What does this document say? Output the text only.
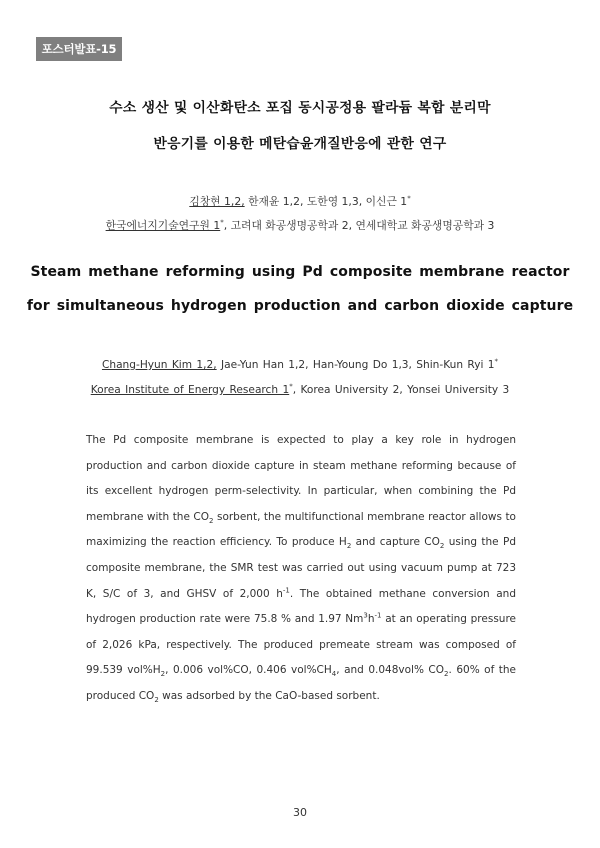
포스터발표-15
수소 생산 및 이산화탄소 포집 동시공정용 팔라듐 복합 분리막
반응기를 이용한 메탄습윤개질반응에 관한 연구
김창현 1,2, 한재윤 1,2, 도한영 1,3, 이신근 1*
한국에너지기술연구원 1*, 고려대 화공생명공학과 2, 연세대학교 화공생명공학과 3
Steam methane reforming using Pd composite membrane reactor
for simultaneous hydrogen production and carbon dioxide capture
Chang-Hyun Kim 1,2, Jae-Yun Han 1,2, Han-Young Do 1,3, Shin-Kun Ryi 1*
Korea Institute of Energy Research 1*, Korea University 2, Yonsei University 3

The Pd composite membrane is expected to play a key role in hydrogen production and carbon dioxide capture in steam methane reforming because of its excellent hydrogen perm-selectivity. In particular, when combining the Pd membrane with the $CO_2$ sorbent, the multifunctional membrane reactor allows to maximizing the reaction efficiency. To produce $H_2$ and capture $CO_2$ using the Pd composite membrane, the SMR test was carried out using vacuum pump at 723 K, S/C of 3, and GHSV of 2,000 $h^{-1}$. The obtained methane conversion and hydrogen production rate were 75.8 % and 1.97 $Nm^3h^{-1}$ at an operating pressure of 2,026 kPa, respectively. The produced premeate stream was composed of 99.539 $vol\%H_2$, 0.006 vol%CO, 0.406 $vol\%CH_4$, and 0.048vol% $CO_2$. 60% of the produced $CO_2$ was adsorbed by the CaO-based sorbent.

30
